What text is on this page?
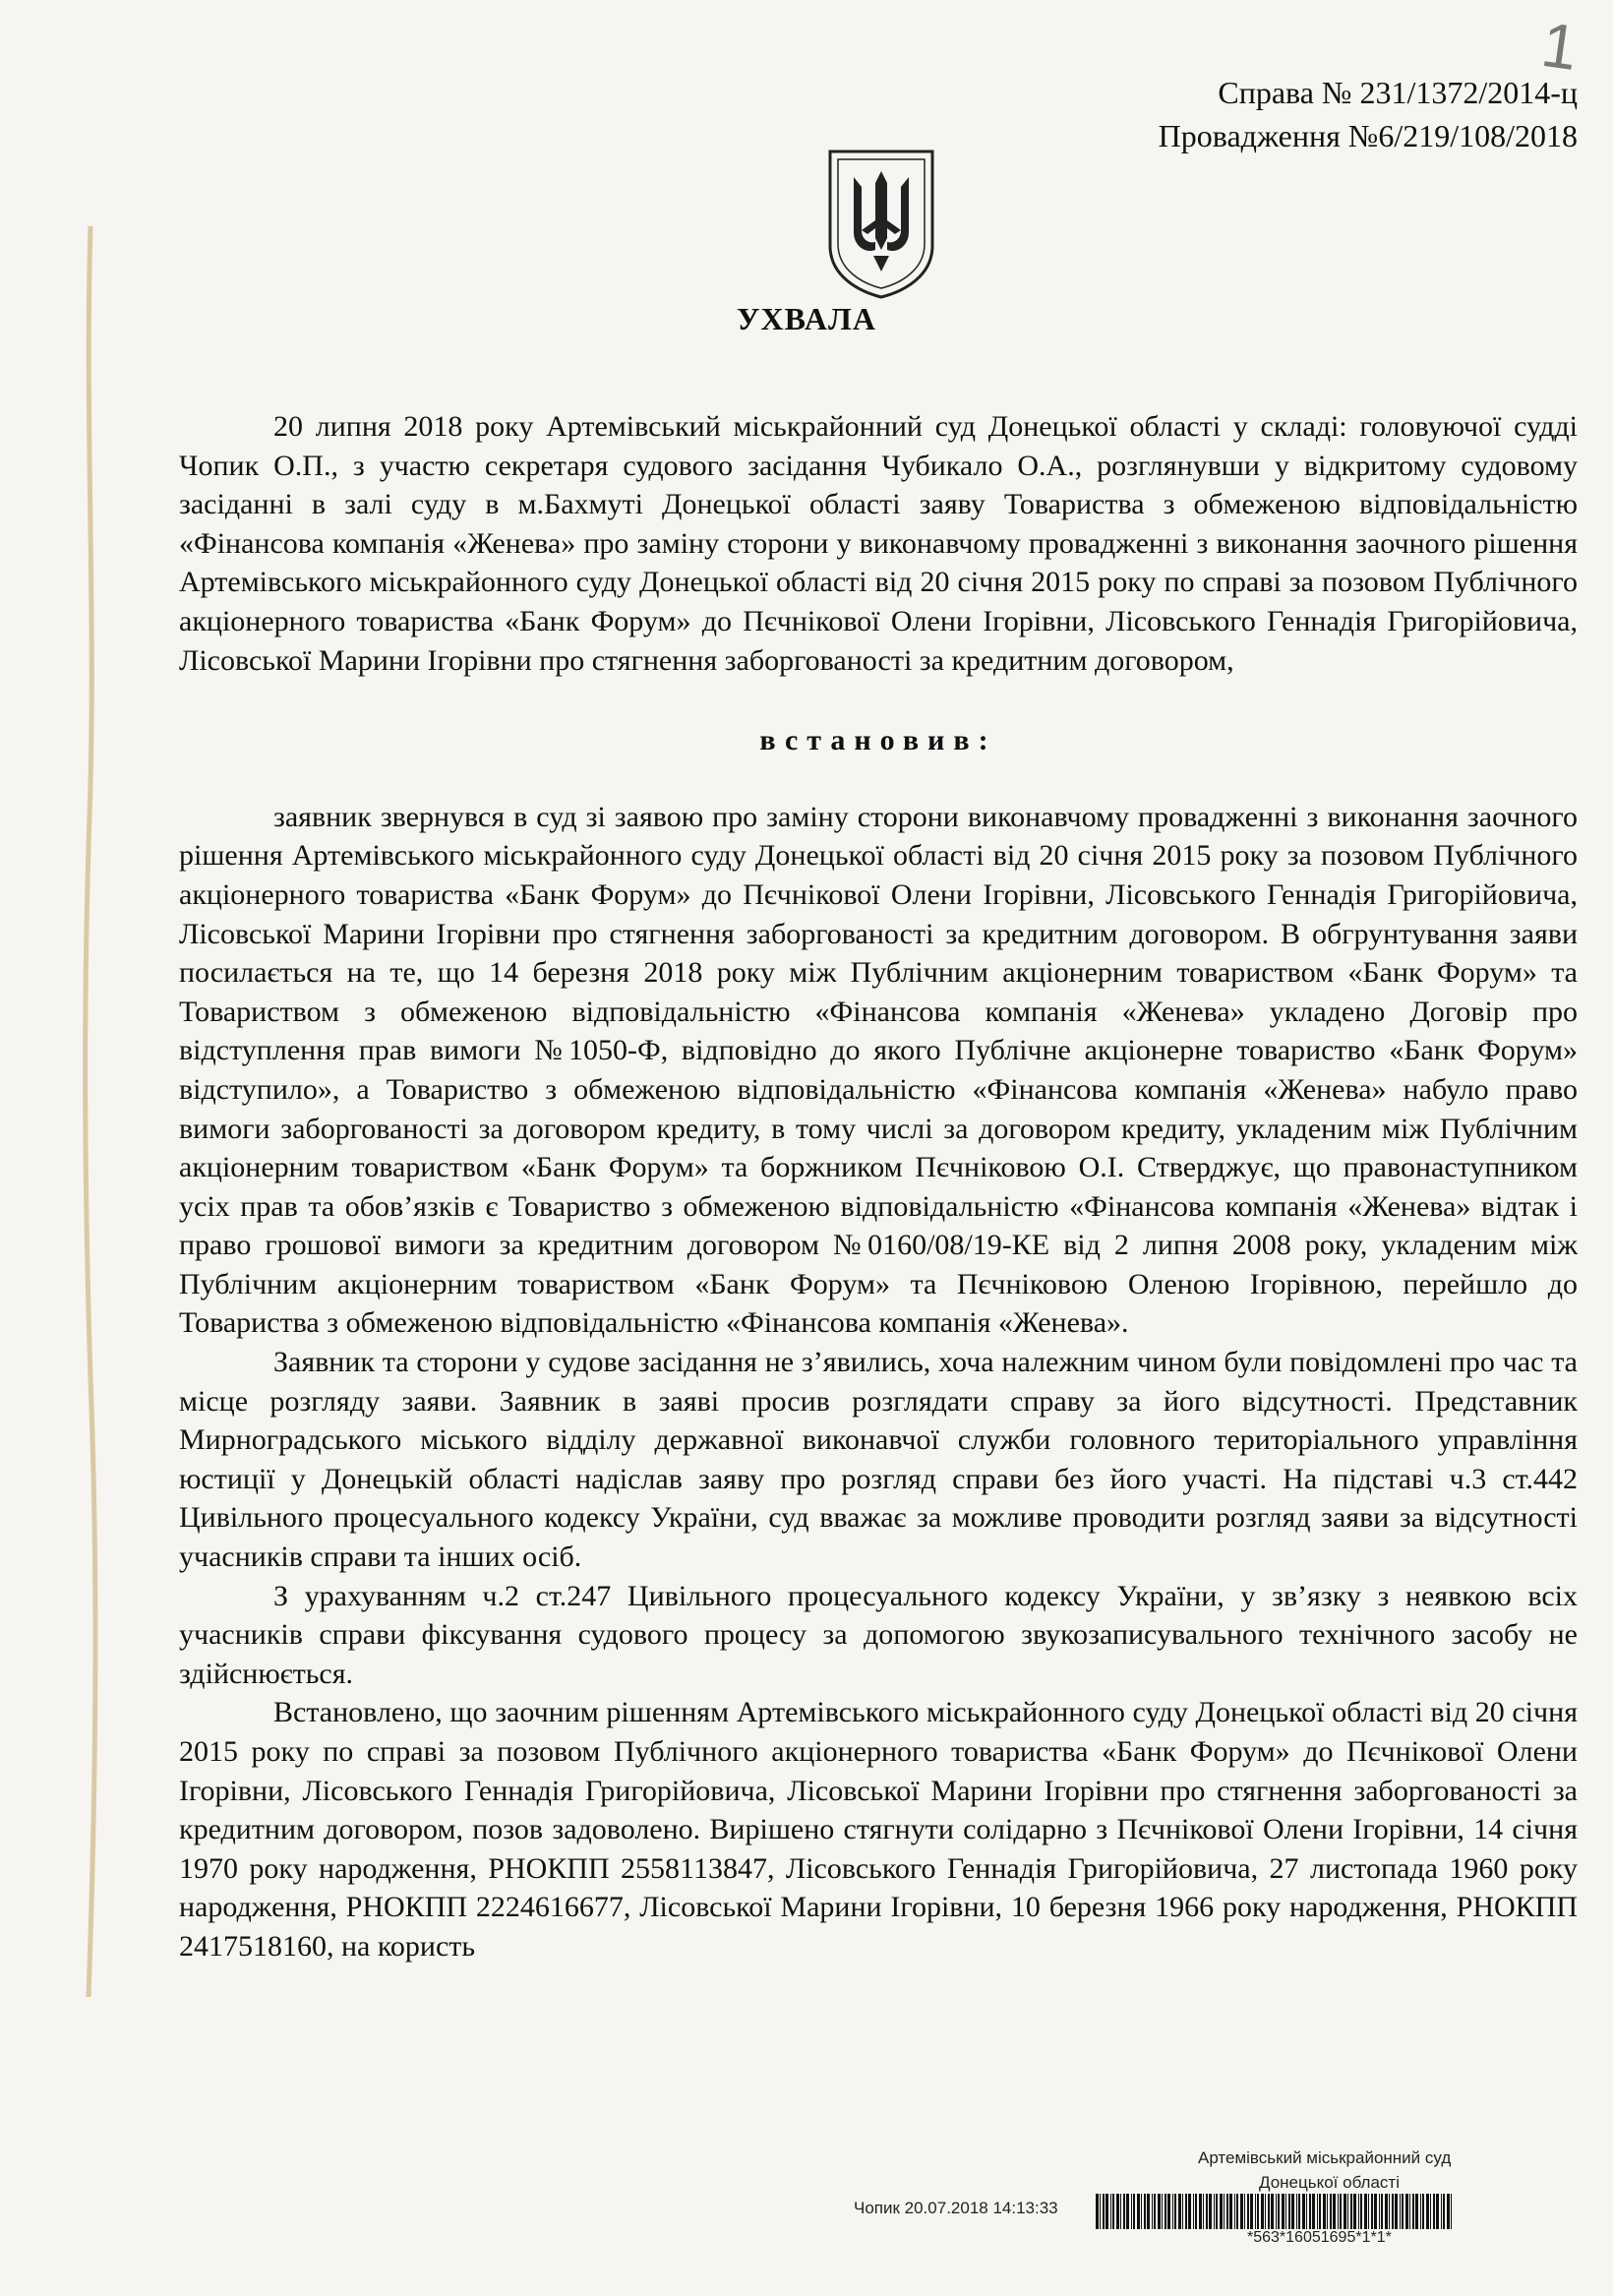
1
Справа № 231/1372/2014-ц
Провадження №6/219/108/2018
УХВАЛА

20 липня 2018 року Артемівський міськрайонний суд Донецької області у складі: головуючої судді Чопик О.П., з участю секретаря судового засідання Чубикало О.А., розглянувши у відкритому судовому засіданні в залі суду в м.Бахмуті Донецької області заяву Товариства з обмеженою відповідальністю «Фінансова компанія «Женева» про заміну сторони у виконавчому провадженні з виконання заочного рішення Артемівського міськрайонного суду Донецької області від 20 січня 2015 року по справі за позовом Публічного акціонерного товариства «Банк Форум» до Пєчнікової Олени Ігорівни, Лісовського Геннадія Григорійовича, Лісовської Марини Ігорівни про стягнення заборгованості за кредитним договором,

встановив:

заявник звернувся в суд зі заявою про заміну сторони виконавчому провадженні з виконання заочного рішення Артемівського міськрайонного суду Донецької області від 20 січня 2015 року за позовом Публічного акціонерного товариства «Банк Форум» до Пєчнікової Олени Ігорівни, Лісовського Геннадія Григорійовича, Лісовської Марини Ігорівни про стягнення заборгованості за кредитним договором. В обгрунтування заяви посилається на те, що 14 березня 2018 року між Публічним акціонерним товариством «Банк Форум» та Товариством з обмеженою відповідальністю «Фінансова компанія «Женева» укладено Договір про відступлення прав вимоги №1050-Ф, відповідно до якого Публічне акціонерне товариство «Банк Форум» відступило», а Товариство з обмеженою відповідальністю «Фінансова компанія «Женева» набуло право вимоги заборгованості за договором кредиту, в тому числі за договором кредиту, укладеним між Публічним акціонерним товариством «Банк Форум» та боржником Пєчніковою О.І. Стверджує, що правонаступником усіх прав та обов’язків є Товариство з обмеженою відповідальністю «Фінансова компанія «Женева» відтак і право грошової вимоги за кредитним договором №0160/08/19-КЕ від 2 липня 2008 року, укладеним між Публічним акціонерним товариством «Банк Форум» та Пєчніковою Оленою Ігорівною, перейшло до Товариства з обмеженою відповідальністю «Фінансова компанія «Женева».

Заявник та сторони у судове засідання не з’явились, хоча належним чином були повідомлені про час та місце розгляду заяви. Заявник в заяві просив розглядати справу за його відсутності. Представник Мирноградського міського відділу державної виконавчої служби головного територіального управління юстиції у Донецькій області надіслав заяву про розгляд справи без його участі. На підставі ч.3 ст.442 Цивільного процесуального кодексу України, суд вважає за можливе проводити розгляд заяви за відсутності учасників справи та інших осіб.

З урахуванням ч.2 ст.247 Цивільного процесуального кодексу України, у зв’язку з неявкою всіх учасників справи фіксування судового процесу за допомогою звукозаписувального технічного засобу не здійснюється.

Встановлено, що заочним рішенням Артемівського міськрайонного суду Донецької області від 20 січня 2015 року по справі за позовом Публічного акціонерного товариства «Банк Форум» до Пєчнікової Олени Ігорівни, Лісовського Геннадія Григорійовича, Лісовської Марини Ігорівни про стягнення заборгованості за кредитним договором, позов задоволено. Вирішено стягнути солідарно з Пєчнікової Олени Ігорівни, 14 січня 1970 року народження, РНОКПП 2558113847, Лісовського Геннадія Григорійовича, 27 листопада 1960 року народження, РНОКПП 2224616677, Лісовської Марини Ігорівни, 10 березня 1966 року народження, РНОКПП 2417518160, на користь

Артемівський міськрайонний суд
Донецької області
Чопик 20.07.2018 14:13:33
*563*16051695*1*1*
